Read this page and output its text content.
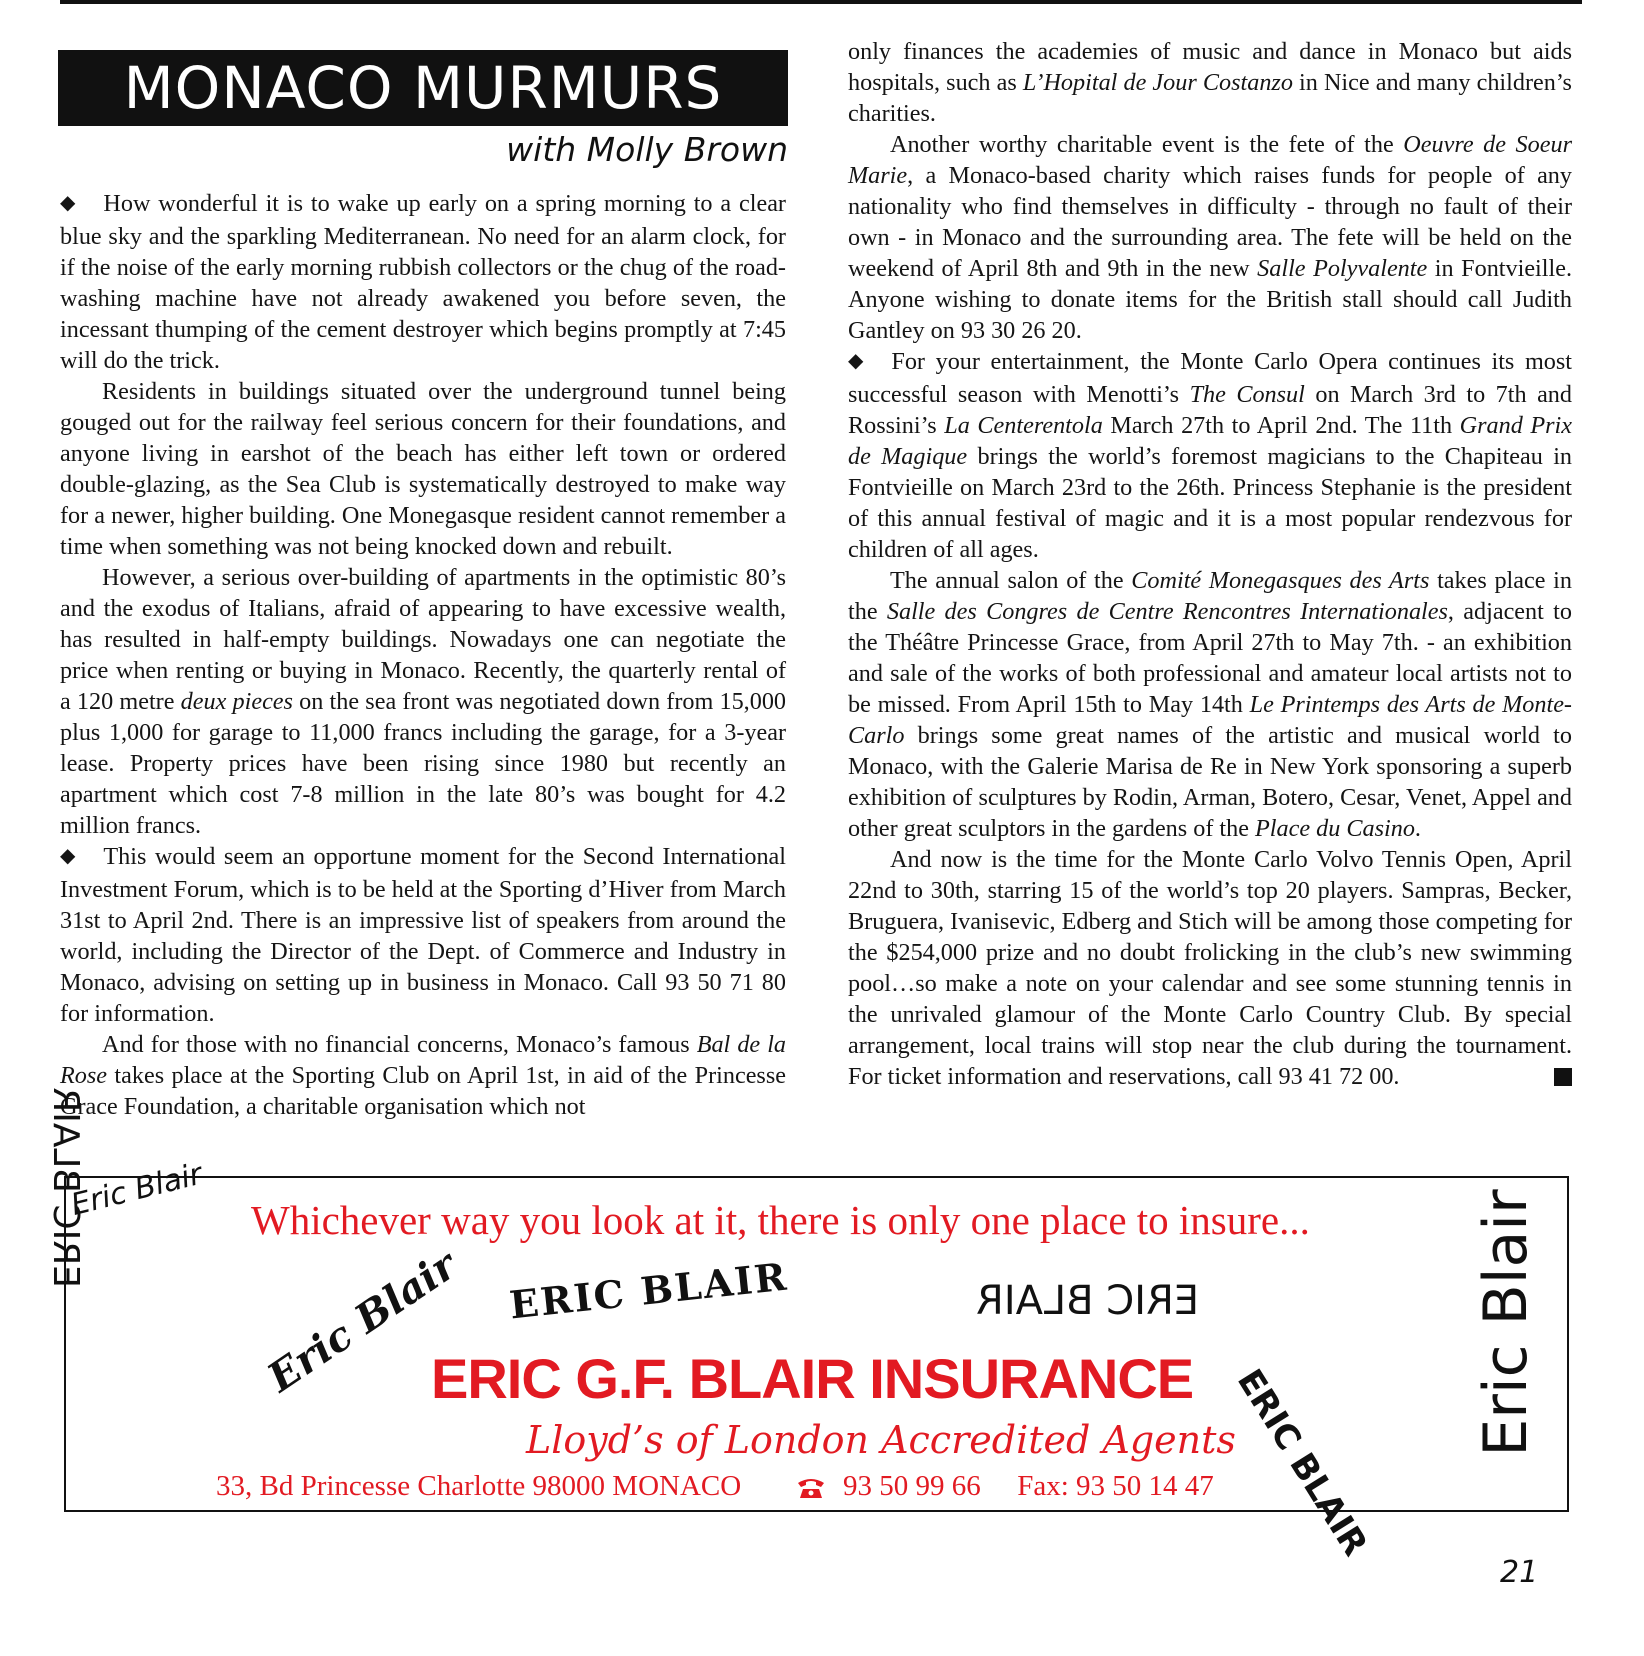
MONACO MURMURS
with Molly Brown

◆ How wonderful it is to wake up early on a spring morning to a clear blue sky and the sparkling Mediterranean. No need for an alarm clock, for if the noise of the early morning rubbish collectors or the chug of the road-washing machine have not already awakened you before seven, the incessant thumping of the cement destroyer which begins promptly at 7:45 will do the trick.

Residents in buildings situated over the underground tunnel being gouged out for the railway feel serious concern for their foundations, and anyone living in earshot of the beach has either left town or ordered double-glazing, as the Sea Club is systematically destroyed to make way for a newer, higher building. One Monegasque resident cannot remember a time when something was not being knocked down and rebuilt.

However, a serious over-building of apartments in the optimistic 80’s and the exodus of Italians, afraid of appearing to have excessive wealth, has resulted in half-empty buildings. Nowadays one can negotiate the price when renting or buying in Monaco. Recently, the quarterly rental of a 120 metre deux pieces on the sea front was negotiated down from 15,000 plus 1,000 for garage to 11,000 francs including the garage, for a 3-year lease. Property prices have been rising since 1980 but recently an apartment which cost 7-8 million in the late 80’s was bought for 4.2 million francs.

◆ This would seem an opportune moment for the Second International Investment Forum, which is to be held at the Sporting d’Hiver from March 31st to April 2nd. There is an impressive list of speakers from around the world, including the Director of the Dept. of Commerce and Industry in Monaco, advising on setting up in business in Monaco. Call 93 50 71 80 for information.

And for those with no financial concerns, Monaco’s famous Bal de la Rose takes place at the Sporting Club on April 1st, in aid of the Princesse Grace Foundation, a charitable organisation which not

only finances the academies of music and dance in Monaco but aids hospitals, such as L’Hopital de Jour Costanzo in Nice and many children’s charities.

Another worthy charitable event is the fete of the Oeuvre de Soeur Marie, a Monaco-based charity which raises funds for people of any nationality who find themselves in difficulty - through no fault of their own - in Monaco and the surrounding area. The fete will be held on the weekend of April 8th and 9th in the new Salle Polyvalente in Fontvieille. Anyone wishing to donate items for the British stall should call Judith Gantley on 93 30 26 20.

◆ For your entertainment, the Monte Carlo Opera continues its most successful season with Menotti’s The Consul on March 3rd to 7th and Rossini’s La Centerentola March 27th to April 2nd. The 11th Grand Prix de Magique brings the world’s foremost magicians to the Chapiteau in Fontvieille on March 23rd to the 26th. Princess Stephanie is the president of this annual festival of magic and it is a most popular rendezvous for children of all ages.

The annual salon of the Comité Monegasques des Arts takes place in the Salle des Congres de Centre Rencontres Internationales, adjacent to the Théâtre Princesse Grace, from April 27th to May 7th. - an exhibition and sale of the works of both professional and amateur local artists not to be missed. From April 15th to May 14th Le Printemps des Arts de Monte-Carlo brings some great names of the artistic and musical world to Monaco, with the Galerie Marisa de Re in New York sponsoring a superb exhibition of sculptures by Rodin, Arman, Botero, Cesar, Venet, Appel and other great sculptors in the gardens of the Place du Casino.

And now is the time for the Monte Carlo Volvo Tennis Open, April 22nd to 30th, starring 15 of the world’s top 20 players. Sampras, Becker, Bruguera, Ivanisevic, Edberg and Stich will be among those competing for the $254,000 prize and no doubt frolicking in the club’s new swimming pool…so make a note on your calendar and see some stunning tennis in the unrivaled glamour of the Monte Carlo Country Club. By special arrangement, local trains will stop near the club during the tournament. For ticket information and reservations, call 93 41 72 00.

Eric Blair
ERIC BLAIR
Eric Blair ERIC BLAIR	ERIC BLAIR
ERIC BLAIR
Eric Blair
Whichever way you look at it, there is only one place to insure...
ERIC G.F. BLAIR INSURANCE
Lloyd’s of London Accredited Agents
33, Bd Princesse Charlotte 98000 MONACO	93 50 99 66 Fax: 93 50 14 47
21
